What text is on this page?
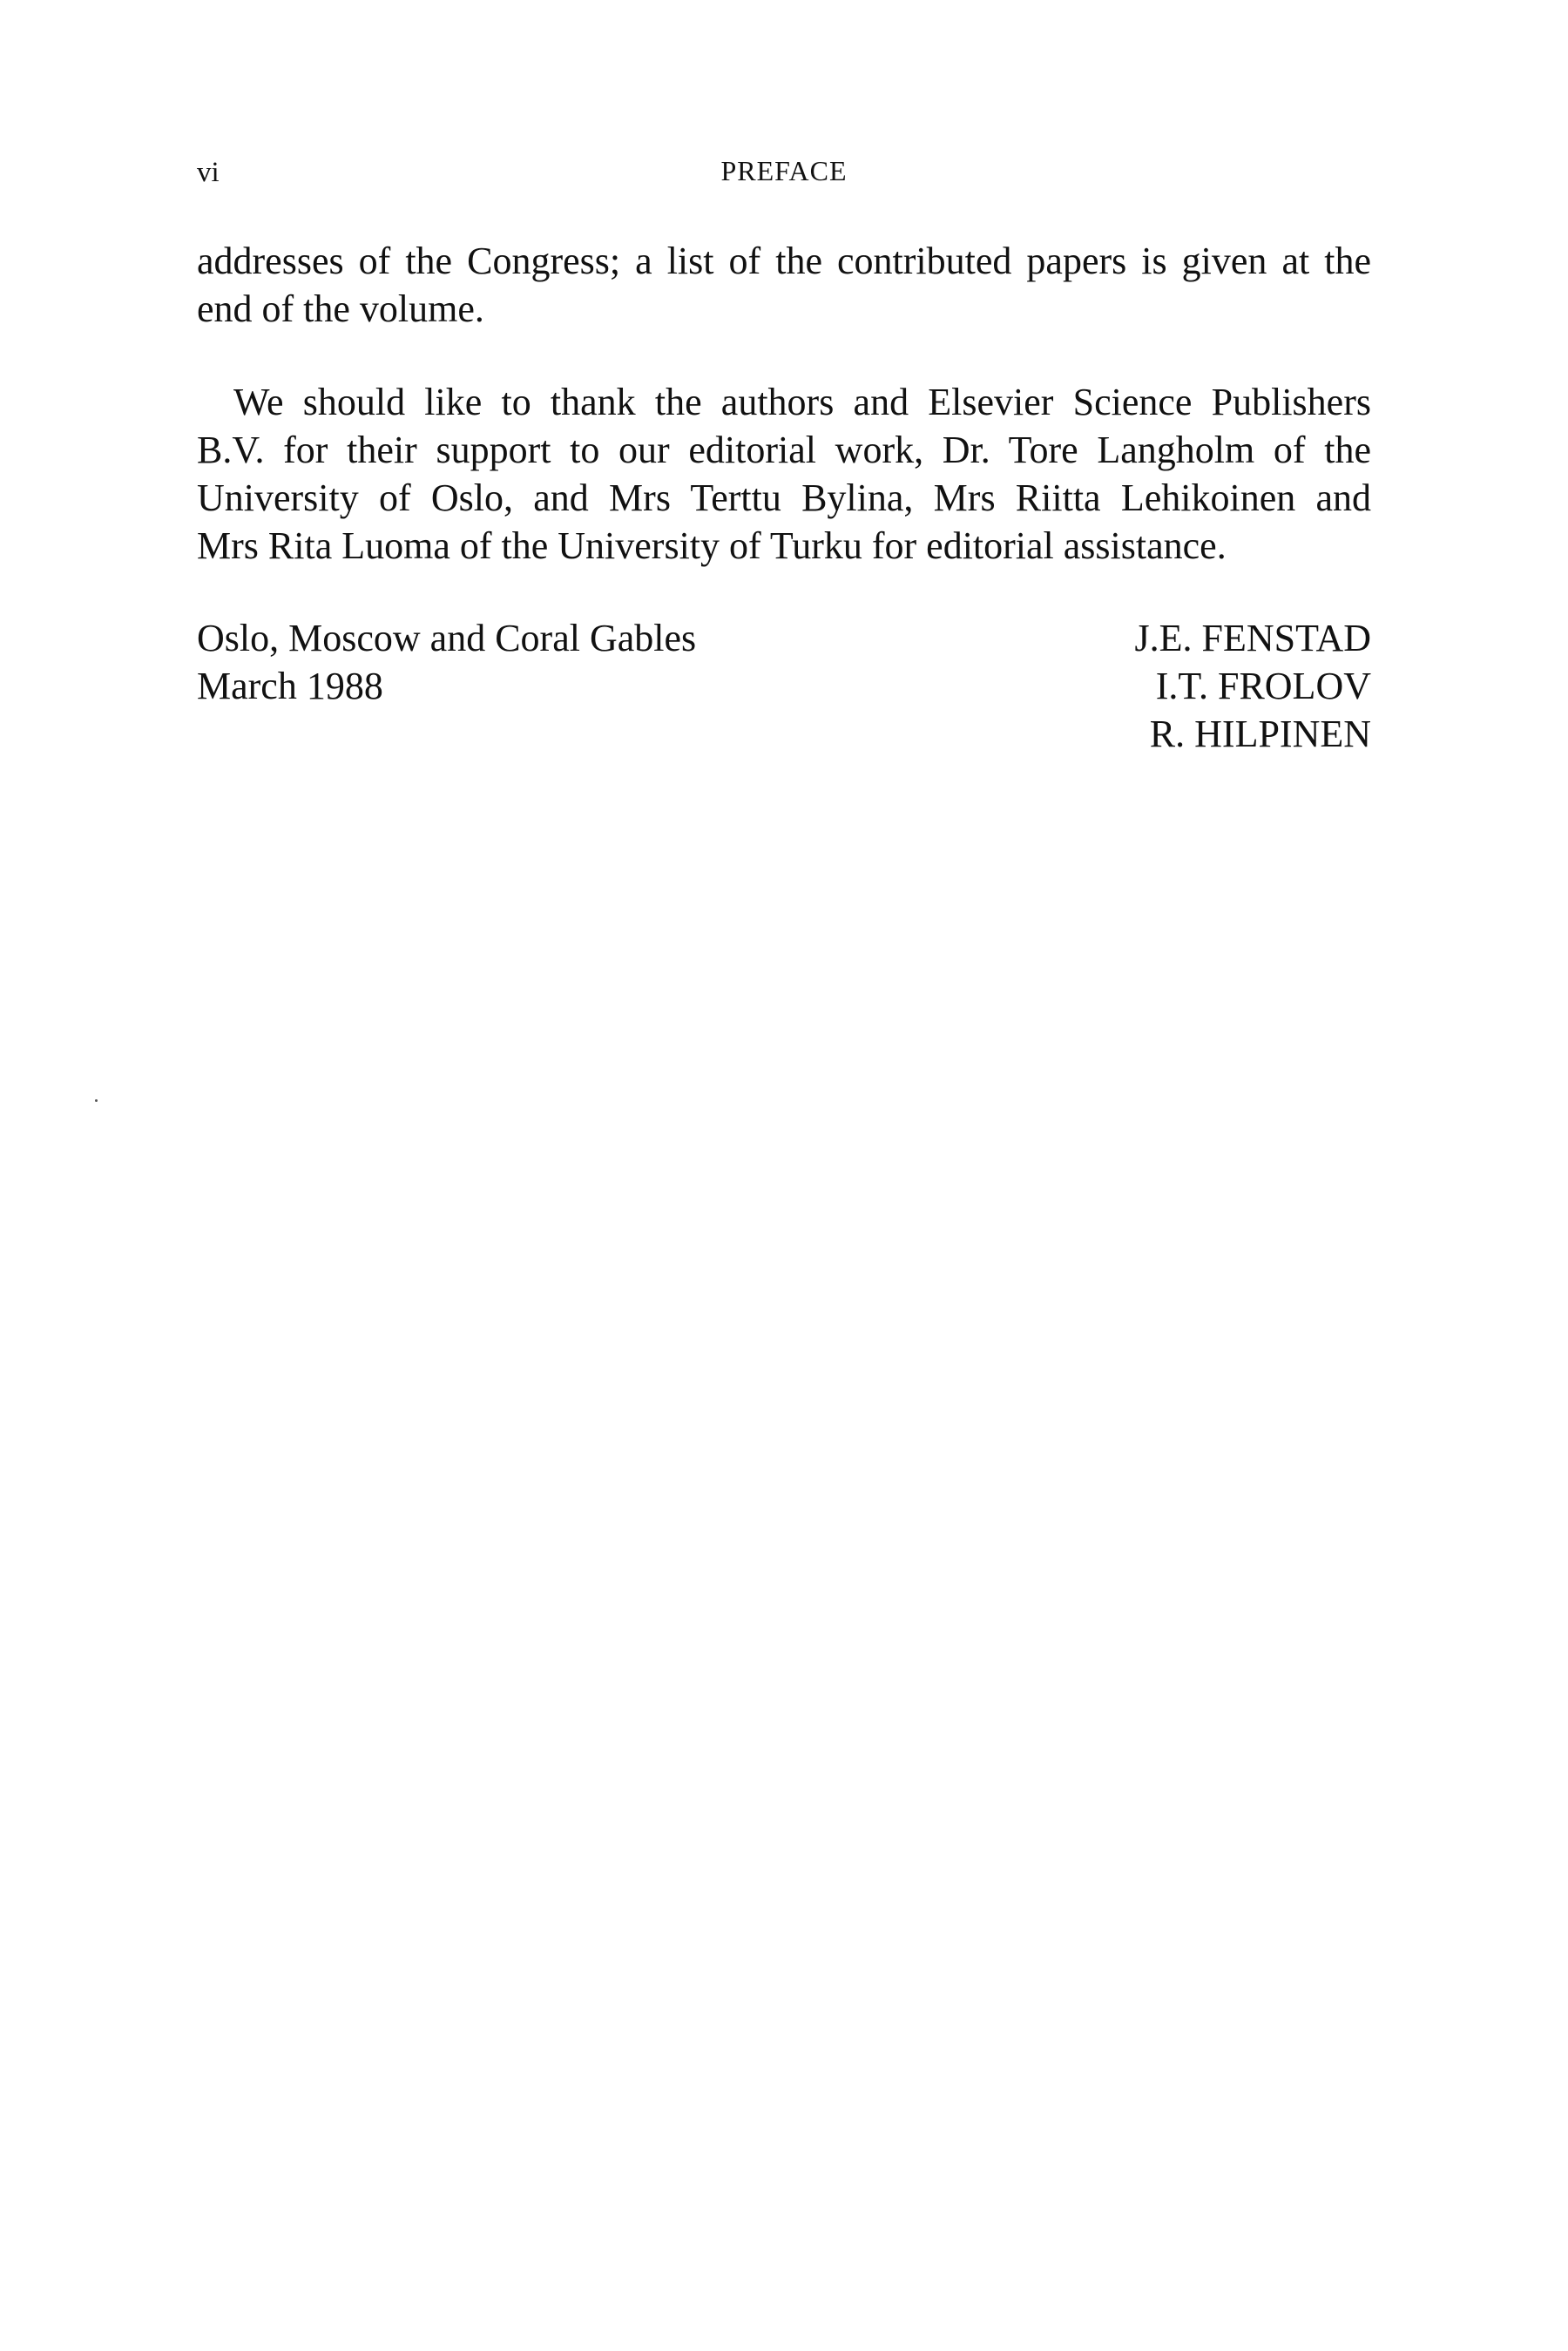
vi	PREFACE
addresses of the Congress; a list of the contributed papers is given at the
end of the volume.
We should like to thank the authors and Elsevier Science Publishers
B.V. for their support to our editorial work, Dr. Tore Langholm of the
University of Oslo, and Mrs Terttu Bylina, Mrs Riitta Lehikoinen and
Mrs Rita Luoma of the University of Turku for editorial assistance.
Oslo, Moscow and Coral Gables
March 1988
J.E. FENSTAD
I.T. FROLOV
R. HILPINEN
